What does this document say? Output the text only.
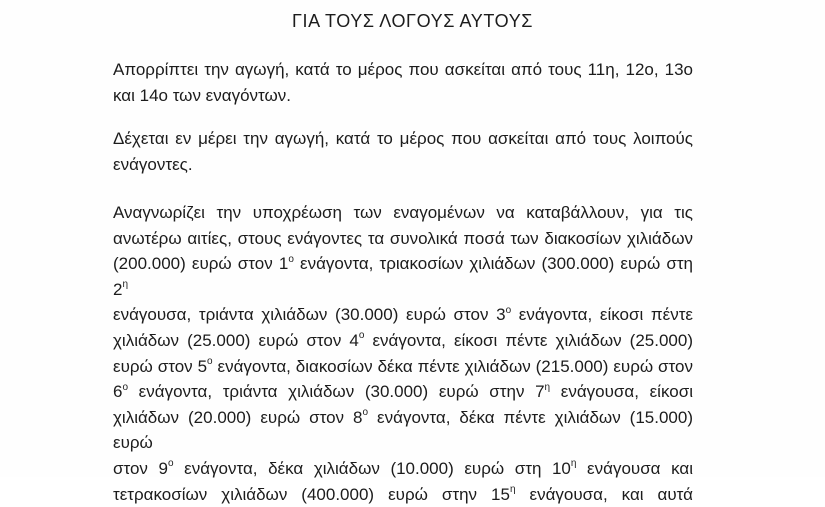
ΓΙΑ ΤΟΥΣ ΛΟΓΟΥΣ ΑΥΤΟΥΣ
Απορρίπτει την αγωγή, κατά το μέρος που ασκείται από τους 11η, 12ο, 13ο
και 14ο των εναγόντων.
Δέχεται εν μέρει την αγωγή, κατά το μέρος που ασκείται από τους λοιπούς
ενάγοντες.
Αναγνωρίζει την υποχρέωση των εναγομένων να καταβάλλουν, για τις
ανωτέρω αιτίες, στους ενάγοντες τα συνολικά ποσά των διακοσίων χιλιάδων
(200.000) ευρώ στον $1^o$ ενάγοντα, τριακοσίων χιλιάδων (300.000) ευρώ στη $2^\eta$
ενάγουσα, τριάντα χιλιάδων (30.000) ευρώ στον $3^o$ ενάγοντα, είκοσι πέντε
χιλιάδων (25.000) ευρώ στον $4^o$ ενάγοντα, είκοσι πέντε χιλιάδων (25.000)
ευρώ στον $5^o$ ενάγοντα, διακοσίων δέκα πέντε χιλιάδων (215.000) ευρώ στον
$6^o$ ενάγοντα, τριάντα χιλιάδων (30.000) ευρώ στην $7^\eta$ ενάγουσα, είκοσι
χιλιάδων (20.000) ευρώ στον $8^o$ ενάγοντα, δέκα πέντε χιλιάδων (15.000) ευρώ
στον $9^o$ ενάγοντα, δέκα χιλιάδων (10.000) ευρώ στη $10^\eta$ ενάγουσα και
τετρακοσίων χιλιάδων (400.000) ευρώ στην $15^\eta$ ενάγουσα, και αυτά
